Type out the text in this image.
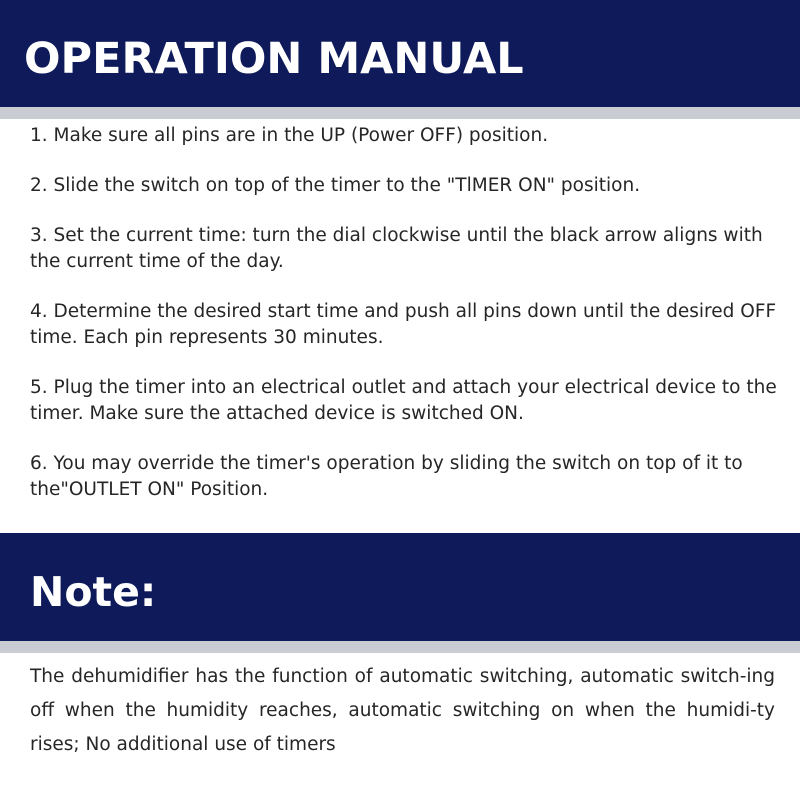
OPERATION MANUAL

1. Make sure all pins are in the UP (Power OFF) position.

2. Slide the switch on top of the timer to the "TlMER ON" position.

3. Set the current time: turn the dial clockwise until the black arrow aligns with the current time of the day.

4. Determine the desired start time and push all pins down until the desired OFF time. Each pin represents 30 minutes.

5. Plug the timer into an electrical outlet and attach your electrical device to the timer. Make sure the attached device is switched ON.

6. You may override the timer's operation by sliding the switch on top of it to the"OUTLET ON" Position.

Note:
The dehumidifier has the function of automatic switching, automatic switch-ing off when the humidity reaches, automatic switching on when the humidi-ty rises; No additional use of timers
